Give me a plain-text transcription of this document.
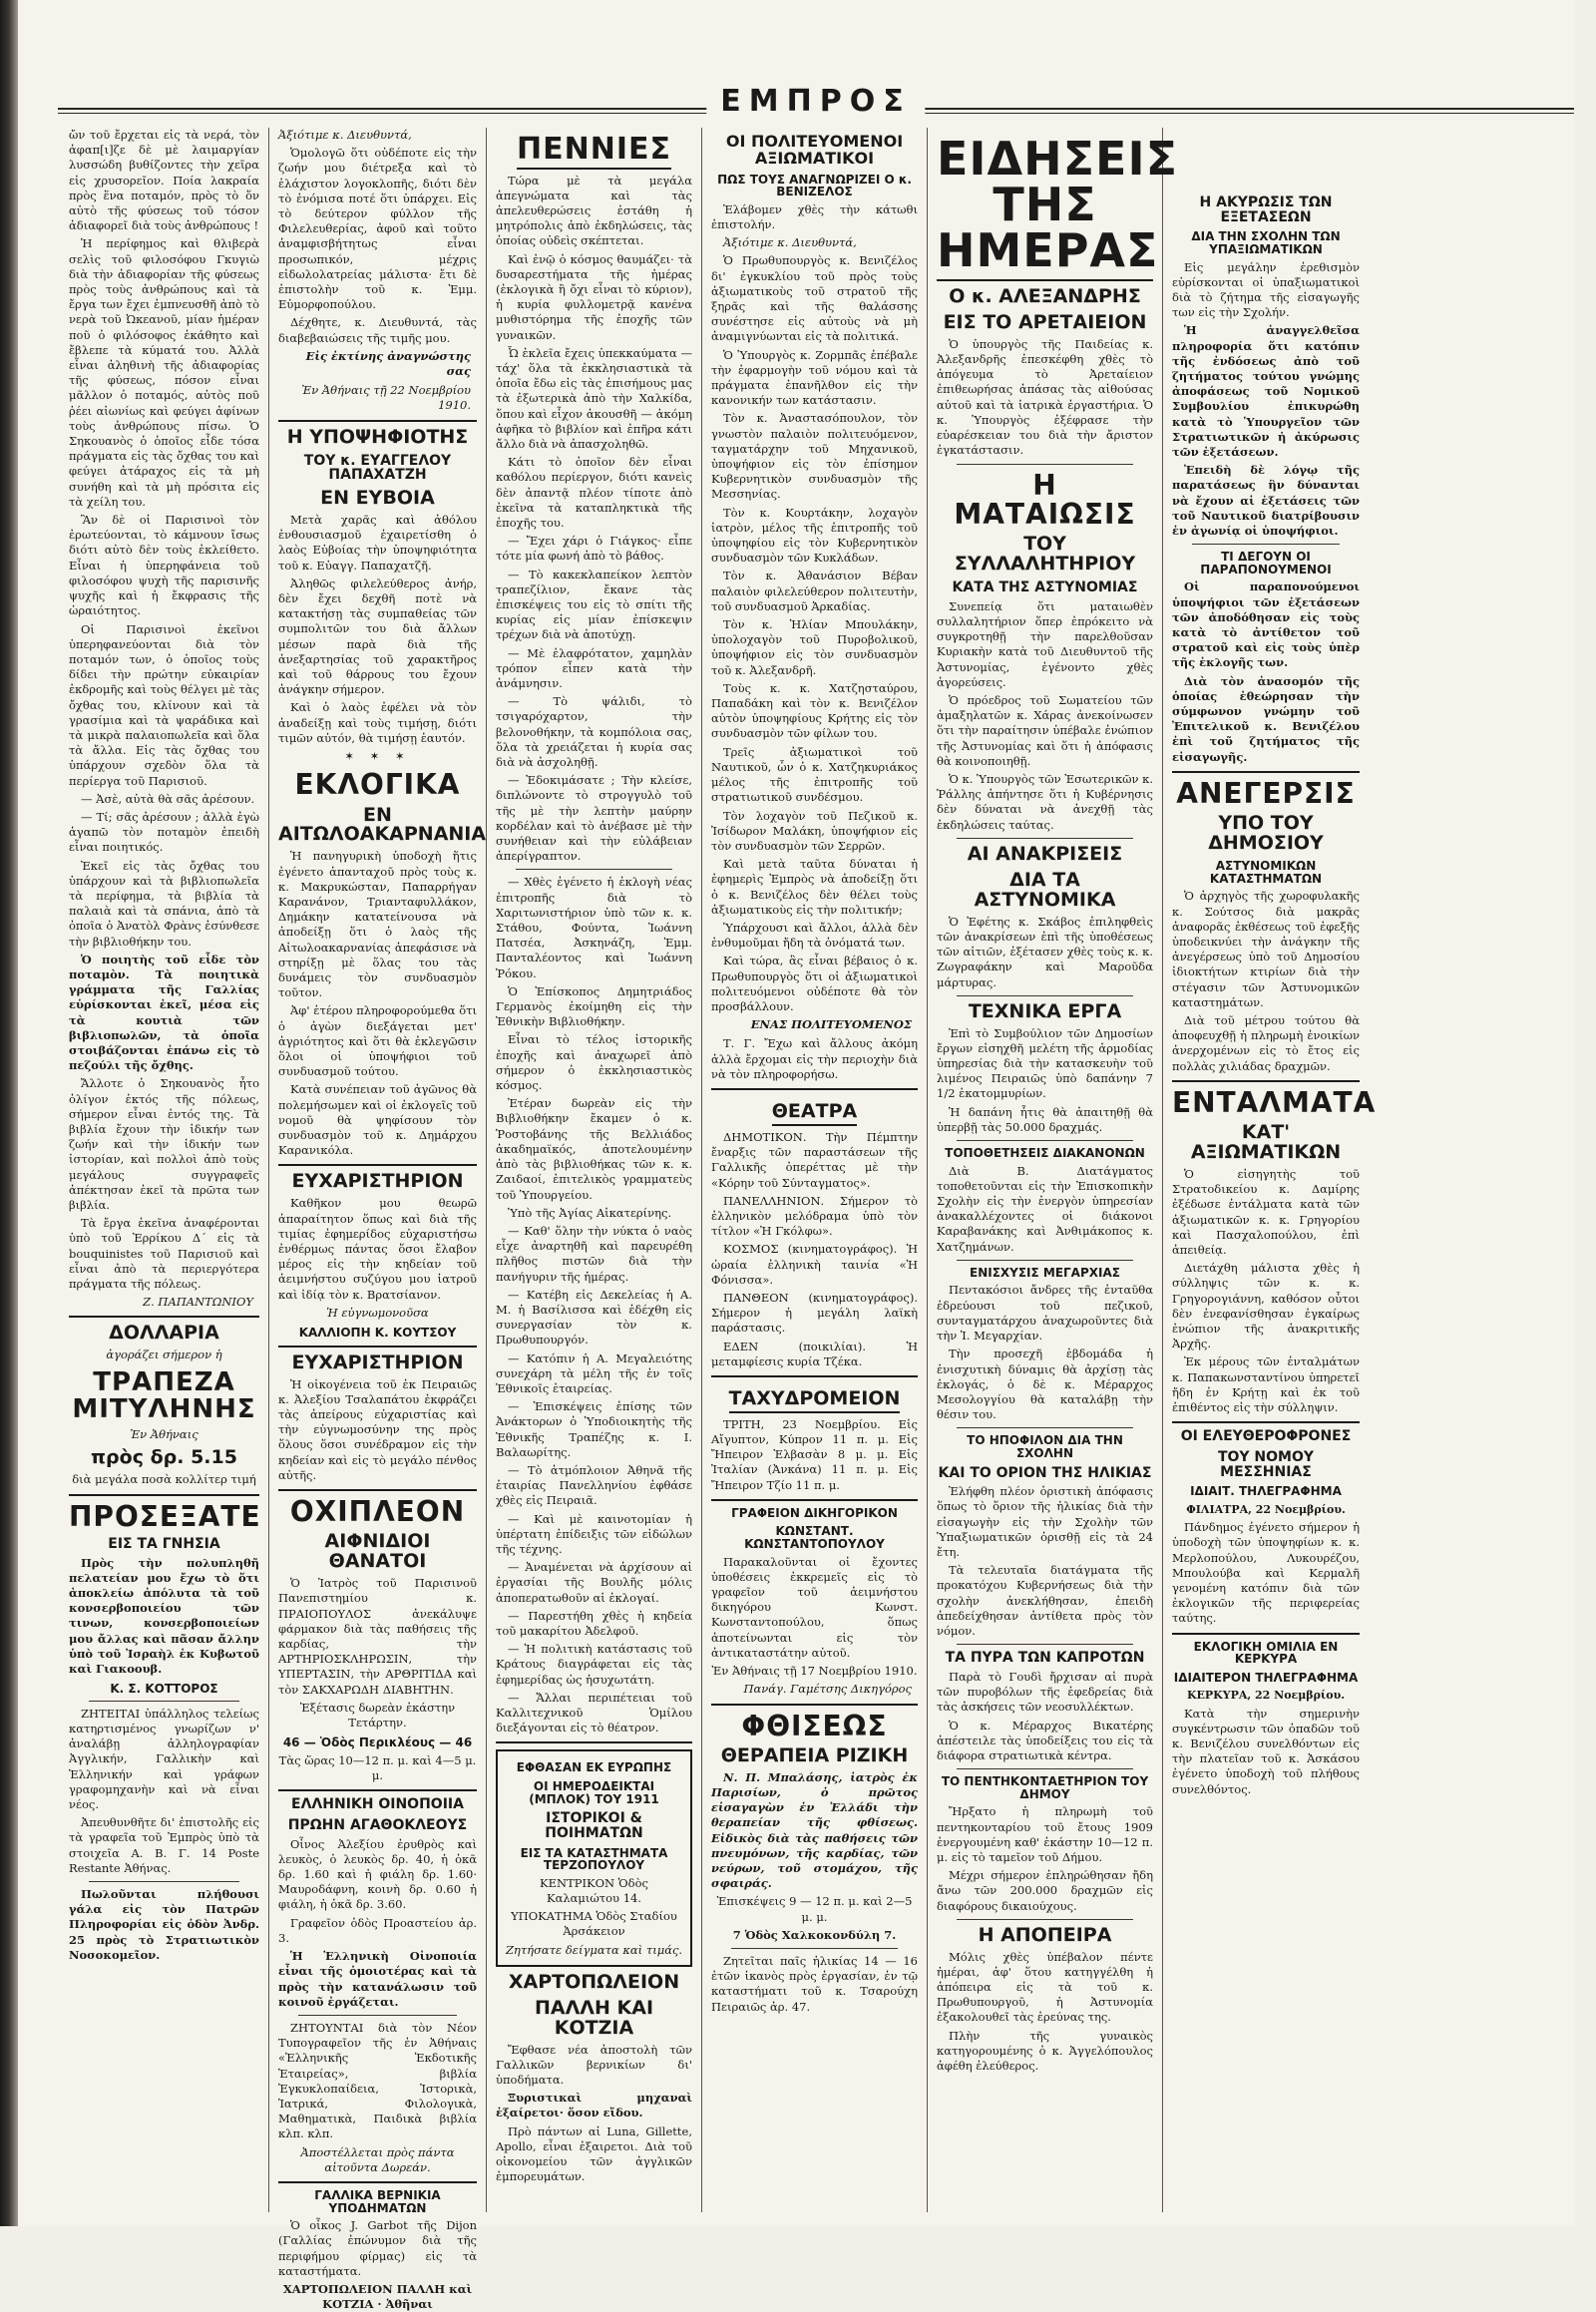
ΕΜΠΡΟΣ

ὤν τοῦ ἔρχεται εἰς τὰ νερά, τὸν ἀφαπ[ι]ζε δὲ μὲ λαιμαργίαν λυσσώδη βυθίζοντες τὴν χεῖρα εἰς χρυσορεῖον. Ποία λακραία πρὸς ἕνα ποταμόν, πρὸς τὸ ὅν αὐτὸ τῆς φύσεως τοῦ τόσον ἀδιαφορεῖ διὰ τοὺς ἀνθρώπους !

Ἡ περίφημος καὶ θλιβερὰ σελὶς τοῦ φιλοσόφου Γκυγιὼ διὰ τὴν ἀδιαφορίαν τῆς φύσεως πρὸς τοὺς ἀνθρώπους καὶ τὰ ἔργα των ἔχει ἐμπνευσθῆ ἀπὸ τὸ νερὰ τοῦ Ὠκεανοῦ, μίαν ἡμέραν ποῦ ὁ φιλόσοφος ἐκάθητο καὶ ἔβλεπε τὰ κύματά του. Ἀλλὰ εἶναι ἀληθινὴ τῆς ἀδιαφορίας τῆς φύσεως, πόσον εἶναι μᾶλλον ὁ ποταμός, αὐτὸς ποῦ ῥέει αἰωνίως καὶ φεύγει ἀφίνων τοὺς ἀνθρώπους πίσω. Ὁ Σηκουανὸς ὁ ὁποῖος εἶδε τόσα πράγματα εἰς τὰς ὄχθας του καὶ φεύγει ἀτάραχος εἰς τὰ μὴ συνήθη καὶ τὰ μὴ πρόσιτα εἰς τὰ χείλη του.

Ἂν δὲ οἱ Παρισινοὶ τὸν ἐρωτεύονται, τὸ κάμνουν ἴσως διότι αὐτὸ δὲν τοὺς ἐκλείθετο. Εἶναι ἡ ὑπερηφάνεια τοῦ φιλοσόφου ψυχὴ τῆς παρισινῆς ψυχῆς καὶ ἡ ἔκφρασις τῆς ὡραιότητος.

Οἱ Παρισινοὶ ἐκεῖνοι ὑπερηφανεύονται διὰ τὸν ποταμόν των, ὁ ὁποῖος τοὺς δίδει τὴν πρώτην εὐκαιρίαν ἐκδρομῆς καὶ τοὺς θέλγει μὲ τὰς ὄχθας του, κλίνουν καὶ τὰ γρασίμια καὶ τὰ ψαράδικα καὶ τὰ μικρὰ παλαιοπωλεῖα καὶ ὅλα τὰ ἄλλα. Εἰς τὰς ὄχθας του ὑπάρχουν σχεδὸν ὅλα τὰ περίεργα τοῦ Παρισιοῦ.

— Ἀσὲ, αὐτὰ θὰ σᾶς ἀρέσουν.

— Τί; σᾶς ἀρέσουν ; ἀλλὰ ἐγὼ ἀγαπῶ τὸν ποταμὸν ἐπειδὴ εἶναι ποιητικός.

Ἐκεῖ εἰς τὰς ὄχθας του ὑπάρχουν καὶ τὰ βιβλιοπωλεῖα τὰ περίφημα, τὰ βιβλία τὰ παλαιὰ καὶ τὰ σπάνια, ἀπὸ τὰ ὁποῖα ὁ Ἀνατὸλ Φρὰνς ἐσύνθεσε τὴν βιβλιοθήκην του.

Ὁ ποιητὴς τοῦ εἶδε τὸν ποταμὸν. Τὰ ποιητικὰ γράμματα τῆς Γαλλίας εὑρίσκονται ἐκεῖ, μέσα εἰς τὰ κουτιὰ τῶν βιβλιοπωλῶν, τὰ ὁποῖα στοιβάζονται ἐπάνω εἰς τὸ πεζούλι τῆς ὄχθης.

Ἄλλοτε ὁ Σηκουανὸς ἦτο ὀλίγον ἐκτός τῆς πόλεως, σήμερον εἶναι ἐντός της. Τὰ βιβλία ἔχουν τὴν ἰδικήν των ζωήν καὶ τὴν ἰδικήν των ἱστορίαν, καὶ πολλοὶ ἀπὸ τοὺς μεγάλους συγγραφεῖς ἀπέκτησαν ἐκεῖ τὰ πρῶτα των βιβλία.

Τὰ ἔργα ἐκεῖνα ἀναφέρονται ὑπὸ τοῦ Ἐρρίκου Δ΄ εἰς τὰ bouquinistes τοῦ Παρισιοῦ καὶ εἶναι ἀπὸ τὰ περιεργότερα πράγματα τῆς πόλεως.

Ζ. ΠΑΠΑΝΤΩΝΙΟΥ

ΔΟΛΛΑΡΙΑ

ἀγοράζει σήμερον ἡ

ΤΡΑΠΕΖΑ ΜΙΤΥΛΗΝΗΣ

Ἐν Ἀθήναις

πρὸς δρ. 5.15

διὰ μεγάλα ποσὰ κολλίτερ τιμή

ΠΡΟΣΕΞΑΤΕ
ΕΙΣ ΤΑ ΓΝΗΣΙΑ

Πρὸς τὴν πολυπληθῆ πελατείαν μου ἔχω τὸ ὅτι ἀποκλείω ἀπόλυτα τὰ τοῦ κονσερβοποιείου τῶν τινων, κονσερβοποιείων μου ἄλλας καὶ πᾶσαν ἄλλην ὑπὸ τοῦ Ἰσραὴλ ἐκ Κυβωτοῦ καὶ Γιακοουβ.

Κ. Σ. ΚΟΤΤΟΡΟΣ

ΖΗΤΕΙΤΑΙ ὑπάλληλος τελείως κατηρτισμένος γνωρίζων ν' ἀναλάβῃ ἀλληλογραφίαν Ἀγγλικήν, Γαλλικὴν καὶ Ἑλληνικήν καὶ γράφων γραφομηχανὴν καὶ νὰ εἶναι νέος.

Ἀπευθυνθῆτε δι' ἐπιστολῆς εἰς τὰ γραφεῖα τοῦ Ἐμπρὸς ὑπὸ τὰ στοιχεῖα Α. Β. Γ. 14 Poste Restante Ἀθήνας.

Πωλοῦνται πλήθουσι γάλα εἰς τὸν Πατρῶν Πληροφορίαι εἰς ὁδὸν Ἀνδρ. 25 πρὸς τὸ Στρατιωτικὸν Νοσοκομεῖον.

Ἀξιότιμε κ. Διευθυντά,

Ὁμολογῶ ὅτι οὐδέποτε εἰς τὴν ζωήν μου διέτρεξα καὶ τὸ ἐλάχιστον λογοκλοπῆς, διότι δὲν τὸ ἐνόμισα ποτέ ὅτι ὑπάρχει. Εἰς τὸ δεύτερον φύλλον τῆς Φιλελευθερίας, ἀφοῦ καὶ τοῦτο ἀναμφισβήτητως εἶναι προσωπικόν, μέχρις εἰδωλολατρείας μάλιστα· ἔτι δὲ ἐπιστολὴν τοῦ κ. Ἐμμ. Εὐμορφοπούλου.

Δέχθητε, κ. Διευθυντά, τὰς διαβεβαιώσεις τῆς τιμῆς μου.

Εἰς ἐκτίνης ἀναγνώστης σας

Ἐν Ἀθήναις τῇ 22 Νοεμβρίου 1910.

Η ΥΠΟΨΗΦΙΟΤΗΣ
ΤΟΥ κ. ΕΥΑΓΓΕΛΟΥ ΠΑΠΑΧΑΤΖΗ
ΕΝ ΕΥΒΟΙΑ

Μετὰ χαρᾶς καὶ ἀθόλου ἐνθουσιασμοῦ ἐχαιρετίσθη ὁ λαὸς Εὐβοίας τὴν ὑποψηφιότητα τοῦ κ. Εὐαγγ. Παπαχατζῆ.

Ἀληθῶς φιλελεύθερος ἀνήρ, δὲν ἔχει δεχθῆ ποτὲ νὰ κατακτήσῃ τὰς συμπαθείας τῶν συμπολιτῶν του διὰ ἄλλων μέσων παρὰ διὰ τῆς ἀνεξαρτησίας τοῦ χαρακτῆρος καὶ τοῦ θάρρους του ἔχουν ἀνάγκην σήμερον.

Καὶ ὁ λαὸς ἐφέλει νὰ τὸν ἀναδείξῃ καὶ τοὺς τιμήσῃ, διότι τιμῶν αὐτόν, θὰ τιμήσῃ ἑαυτόν.

✶ ✶ ✶

ΕΚΛΟΓΙΚΑ
ΕΝ ΑΙΤΩΛΟΑΚΑΡΝΑΝΙΑ

Ἡ πανηγυρικὴ ὑποδοχὴ ἥτις ἐγένετο ἀπανταχοῦ πρὸς τοὺς κ. κ. Μακρυκώσταν, Παπαρρήγαν Καρανάνον, Τριανταφυλλάκον, Δημάκην κατατείνουσα νὰ ἀποδείξῃ ὅτι ὁ λαὸς τῆς Αἰτωλοακαρνανίας ἀπεφάσισε νὰ στηρίξῃ μὲ ὅλας του τὰς δυνάμεις τὸν συνδυασμὸν τοῦτον.

Ἀφ' ἑτέρου πληροφορούμεθα ὅτι ὁ ἀγὼν διεξάγεται μετ' ἀγριότητος καὶ ὅτι θὰ ἐκλεγῶσιν ὅλοι οἱ ὑποψήφιοι τοῦ συνδυασμοῦ τούτου.

Κατὰ συνέπειαν τοῦ ἀγῶνος θὰ πολεμήσωμεν καὶ οἱ ἐκλογεῖς τοῦ νομοῦ θὰ ψηφίσουν τὸν συνδυασμὸν τοῦ κ. Δημάρχου Καρανικόλα.

ΕΥΧΑΡΙΣΤΗΡΙΟΝ

Καθῆκον μου θεωρῶ ἀπαραίτητον ὅπως καὶ διὰ τῆς τιμίας ἐφημερίδος εὐχαριστήσω ἐνθέρμως πάντας ὅσοι ἔλαβον μέρος εἰς τὴν κηδείαν τοῦ ἀειμνήστου συζύγου μου ἰατροῦ καὶ ἰδίᾳ τὸν κ. Βρατσίανον.

Ἡ εὐγνωμονοῦσα

ΚΑΛΛΙΟΠΗ Κ. ΚΟΥΤΣΟΥ
ΕΥΧΑΡΙΣΤΗΡΙΟΝ

Ἡ οἰκογένεια τοῦ ἐκ Πειραιῶς κ. Ἀλεξίου Τσαλαπάτου ἐκφράζει τὰς ἀπείρους εὐχαριστίας καὶ τὴν εὐγνωμοσύνην της πρὸς ὅλους ὅσοι συνέδραμον εἰς τὴν κηδείαν καὶ εἰς τὸ μεγάλο πένθος αὐτῆς.

ΟΧΙΠΛΕΟΝ
ΑΙΦΝΙΔΙΟΙ ΘΑΝΑΤΟΙ

Ὁ Ἰατρὸς τοῦ Παρισινοῦ Πανεπιστημίου κ. ΠΡΑΙΟΠΟΥΛΟΣ ἀνεκάλυψε φάρμακον διὰ τὰς παθήσεις τῆς καρδίας, τὴν ΑΡΤΗΡΙΟΣΚΛΗΡΩΣΙΝ, τὴν ΥΠΕΡΤΑΣΙΝ, τὴν ΑΡΘΡΙΤΙΔΑ καὶ τὸν ΣΑΚΧΑΡΩΔΗ ΔΙΑΒΗΤΗΝ.

Ἐξέτασις δωρεὰν ἐκάστην Τετάρτην.

46 — Ὁδὸς Περικλέους — 46

Τὰς ὥρας 10—12 π. μ. καὶ 4—5 μ. μ.

ΕΛΛΗΝΙΚΗ ΟΙΝΟΠΟΙΙΑ
ΠΡΩΗΝ ΑΓΑΘΟΚΛΕΟΥΣ

Οἶνος Ἀλεξίου ἐρυθρὸς καὶ λευκὸς, ὁ λευκὸς δρ. 40, ἡ ὀκᾶ δρ. 1.60 καὶ ἡ φιάλη δρ. 1.60· Μαυροδάφνη, κοινὴ δρ. 0.60 ἡ φιάλη, ἡ ὀκᾶ δρ. 3.60.

Γραφεῖον ὁδὸς Προαστείου ἀρ. 3.

Ἡ Ἑλληνικὴ Οἰνοποιία εἶναι τῆς ὁμοιοτέρας καὶ τὰ πρὸς τὴν κατανάλωσιν τοῦ κοινοῦ ἐργάζεται.

ΖΗΤΟΥΝΤΑΙ διὰ τὸν Νέον Τυπογραφεῖον τῆς ἐν Ἀθήναις «Ἑλληνικῆς Ἐκδοτικῆς Ἑταιρείας», βιβλία Ἐγκυκλοπαίδεια, Ἱστορικὰ, Ἰατρικά, Φιλολογικὰ, Μαθηματικὰ, Παιδικὰ βιβλία κλπ. κλπ.

Ἀποστέλλεται πρὸς πάντα αἰτοῦντα Δωρεάν.

ΓΑΛΛΙΚΑ ΒΕΡΝΙΚΙΑ ΥΠΟΔΗΜΑΤΩΝ

Ὁ οἶκος J. Garbot τῆς Dijon (Γαλλίας ἐπώνυμον διὰ τῆς περιφήμου φίρμας) εἰς τὰ καταστήματα.

ΧΑΡΤΟΠΩΛΕΙΟΝ ΠΑΛΛΗ καὶ ΚΟΤΖΙΑ · Ἀθῆναι

ΠΕΝΝΙΕΣ

Τώρα μὲ τὰ μεγάλα ἀπεγνώματα καὶ τὰς ἀπελευθερώσεις ἐστάθη ἡ μητρόπολις ἀπὸ ἐκδηλώσεις, τὰς ὁποίας οὐδεὶς σκέπτεται.

Καὶ ἐνῷ ὁ κόσμος θαυμάζει· τὰ δυσαρεστήματα τῆς ἡμέρας (ἐκλογικὰ ἢ ὄχι εἶναι τὸ κύριον), ἡ κυρία φυλλομετρᾷ κανένα μυθιστόρημα τῆς ἐποχῆς τῶν γυναικῶν.

Ὦ ἐκλεῖα ἔχεις ὑπεκκαύματα — τάχ' ὅλα τὰ ἐκκλησιαστικὰ τὰ ὁποῖα ἔδω εἰς τὰς ἐπισήμους μας τὰ ἐξωτερικὰ ἀπὸ τὴν Χαλκίδα, ὅπου καὶ εἶχον ἀκουσθῆ — ἀκόμη ἀφῆκα τὸ βιβλίον καὶ ἐπῆρα κάτι ἄλλο διὰ νὰ ἀπασχοληθῶ.

Κάτι τὸ ὁποῖον δὲν εἶναι καθόλου περίεργον, διότι κανεὶς δὲν ἀπαντᾷ πλέον τίποτε ἀπὸ ἐκεῖνα τὰ καταπληκτικὰ τῆς ἐποχῆς του.

— Ἔχει χάρι ὁ Γιάγκος· εἶπε τότε μία φωνή ἀπὸ τὸ βάθος.

— Τὸ κακεκλαπείκον λεπτὸν τραπεζίλιον, ἔκανε τὰς ἐπισκέψεις του εἰς τὸ σπίτι τῆς κυρίας εἰς μίαν ἐπίσκεψιν τρέχων διὰ νὰ ἀποτύχῃ.

— Μὲ ἐλαφρότατον, χαμηλὰν τρόπον εἶπεν κατὰ τὴν ἀνάμνησιν.

— Τὸ ψάλιδι, τὸ τσιγαρόχαρτον, τὴν βελονοθήκην, τὰ κομπόλοια σας, ὅλα τὰ χρειάζεται ἡ κυρία σας διὰ νὰ ἀσχοληθῇ.

— Ἐδοκιμάσατε ; Τὴν κλείσε, διπλώνοντε τὸ στρογγυλὸ τοῦ τῆς μὲ τὴν λεπτὴν μαύρην κορδέλαν καὶ τὸ ἀνέβασε μὲ τὴν συνήθειαν καὶ τὴν εὐλάβειαν ἀπερίγραπτον.

— Χθὲς ἐγένετο ἡ ἐκλογὴ νέας ἐπιτροπῆς διὰ τὸ Χαριτωνιστήριον ὑπὸ τῶν κ. κ. Στάθου, Φούντα, Ἰωάννη Πατσέα, Ἀσκηνάζη, Ἐμμ. Πανταλέοντος καὶ Ἰωάννη Ῥόκου.

Ὁ Ἐπίσκοπος Δημητριάδος Γερμανὸς ἐκοίμηθη εἰς τὴν Ἐθνικὴν Βιβλιοθήκην.

Εἶναι τὸ τέλος ἱστορικῆς ἐποχῆς καὶ ἀναχωρεῖ ἀπὸ σήμερον ὁ ἐκκλησιαστικὸς κόσμος.

Ἐτέραν δωρεὰν εἰς τὴν Βιβλιοθήκην ἔκαμεν ὁ κ. Ῥοστοβάνης τῆς Βελλιάδος ἀκαδημαϊκός, ἀποτελουμένην ἀπὸ τὰς βιβλιοθήκας τῶν κ. κ. Ζαιδαοί, ἐπιτελικὸς γραμματεὺς τοῦ Ὑπουργείου.

Ὑπὸ τῆς Ἀγίας Αἰκατερίνης.

— Καθ' ὅλην τὴν νύκτα ὁ ναὸς εἶχε ἀναρτηθῆ καὶ παρευρέθη πλῆθος πιστῶν διὰ τὴν πανήγυριν τῆς ἡμέρας.

— Κατέβη εἰς Δεκελείας ἡ Α. Μ. ἡ Βασίλισσα καὶ ἐδέχθη εἰς συνεργασίαν τὸν κ. Πρωθυπουργόν.

— Κατόπιν ἡ Α. Μεγαλειότης συνεχάρη τὰ μέλη τῆς ἐν τοῖς Ἐθνικοῖς ἑταιρείας.

— Ἐπισκέψεις ἐπίσης τῶν Ἀνάκτορων ὁ Ὑποδιοικητὴς τῆς Ἐθνικῆς Τραπέζης κ. Ι. Βαλαωρίτης.

— Τὸ ἀτμόπλοιον Ἀθηνᾶ τῆς ἑταιρίας Πανελληνίου ἐφθάσε χθὲς εἰς Πειραιᾶ.

— Καὶ μὲ καινοτομίαν ἡ ὑπέρτατη ἐπίδειξις τῶν εἰδώλων τῆς τέχνης.

— Ἀναμένεται νὰ ἀρχίσουν αἱ ἐργασίαι τῆς Βουλῆς μόλις ἀποπερατωθοῦν αἱ ἐκλογαί.

— Παρεστήθη χθὲς ἡ κηδεία τοῦ μακαρίτου Ἀδελφοῦ.

— Ἡ πολιτικὴ κατάστασις τοῦ Κράτους διαγράφεται εἰς τὰς ἐφημερίδας ὡς ἡσυχωτάτη.

— Ἄλλαι περιπέτειαι τοῦ Καλλιτεχνικοῦ Ὁμίλου διεξάγονται εἰς τὸ θέατρον.

ΕΦΘΑΣΑΝ ΕΚ ΕΥΡΩΠΗΣ
ΟΙ ΗΜΕΡΟΔΕΙΚΤΑΙ (ΜΠΛΟΚ) ΤΟΥ 1911
ΙΣΤΟΡΙΚΟΙ & ΠΟΙΗΜΑΤΩΝ
ΕΙΣ ΤΑ ΚΑΤΑΣΤΗΜΑΤΑ ΤΕΡΖΟΠΟΥΛΟΥ

ΚΕΝΤΡΙΚΟΝ Ὁδὸς Καλαμιώτου 14.

ΥΠΟΚΑΤΗΜΑ Ὁδὸς Σταδίου Ἀρσάκειον

Ζητήσατε δείγματα καὶ τιμάς.

ΧΑΡΤΟΠΩΛΕΙΟΝ
ΠΑΛΛΗ ΚΑΙ ΚΟΤΖΙΑ

Ἔφθασε νέα ἀποστολὴ τῶν Γαλλικῶν βερνικίων δι' ὑποδήματα.

Ξυριστικαὶ μηχαναὶ ἐξαίρετοι· ὅσον εἴδου.

Πρὸ πάντων αἱ Luna, Gillette, Apollo, εἶναι ἐξαιρετοι. Διὰ τοῦ οἰκονομείου τῶν ἀγγλικῶν ἐμπορευμάτων.

ΟΙ ΠΟΛΙΤΕΥΟΜΕΝΟΙ ΑΞΙΩΜΑΤΙΚΟΙ
ΠΩΣ ΤΟΥΣ ΑΝΑΓΝΩΡΙΖΕΙ Ο κ. ΒΕΝΙΖΕΛΟΣ

Ἐλάβομεν χθὲς τὴν κάτωθι ἐπιστολήν.

Ἀξιότιμε κ. Διευθυντά,

Ὁ Πρωθυπουργὸς κ. Βενιζέλος δι' ἐγκυκλίου τοῦ πρὸς τοὺς ἀξιωματικοὺς τοῦ στρατοῦ τῆς ξηρᾶς καὶ τῆς θαλάσσης συνέστησε εἰς αὐτοὺς νὰ μὴ ἀναμιγνύωνται εἰς τὰ πολιτικά.

Ὁ Ὑπουργὸς κ. Ζορμπᾶς ἐπέβαλε τὴν ἐφαρμογὴν τοῦ νόμου καὶ τὰ πράγματα ἐπανῆλθον εἰς τὴν κανονικήν των κατάστασιν.

Τὸν κ. Ἀναστασόπουλον, τὸν γνωστὸν παλαιὸν πολιτευόμενον, ταγματάρχην τοῦ Μηχανικοῦ, ὑποψήφιον εἰς τὸν ἐπίσημον Κυβερνητικὸν συνδυασμὸν τῆς Μεσσηνίας.

Τὸν κ. Κουρτάκην, λοχαγὸν ἰατρὸν, μέλος τῆς ἐπιτροπῆς τοῦ ὑποψηφίου εἰς τὸν Κυβερνητικὸν συνδυασμὸν τῶν Κυκλάδων.

Τὸν κ. Ἀθανάσιον Βέβαν παλαιὸν φιλελεύθερον πολιτευτὴν, τοῦ συνδυασμοῦ Ἀρκαδίας.

Τὸν κ. Ἠλίαν Μπουλάκην, ὑπολοχαγὸν τοῦ Πυροβολικοῦ, ὑποψήφιον εἰς τὸν συνδυασμὸν τοῦ κ. Ἀλεξανδρῆ.

Τοὺς κ. κ. Χατζησταύρου, Παπαδάκη καὶ τὸν κ. Βενιζέλον αὐτὸν ὑποψηφίους Κρήτης εἰς τὸν συνδυασμὸν τῶν φίλων του.

Τρεῖς ἀξιωματικοὶ τοῦ Ναυτικοῦ, ὧν ὁ κ. Χατζηκυριάκος μέλος τῆς ἐπιτροπῆς τοῦ στρατιωτικοῦ συνδέσμου.

Τὸν λοχαγὸν τοῦ Πεζικοῦ κ. Ἰσίδωρον Μαλάκη, ὑποψήφιον εἰς τὸν συνδυασμὸν τῶν Σερρῶν.

Καὶ μετὰ ταῦτα δύναται ἡ ἐφημερὶς Ἐμπρὸς νὰ ἀποδείξῃ ὅτι ὁ κ. Βενιζέλος δὲν θέλει τοὺς ἀξιωματικοὺς εἰς τὴν πολιτικήν;

Ὑπάρχουσι καὶ ἄλλοι, ἀλλὰ δὲν ἐνθυμοῦμαι ἤδη τὰ ὀνόματά των.

Καὶ τώρα, ἂς εἶναι βέβαιος ὁ κ. Πρωθυπουργὸς ὅτι οἱ ἀξιωματικοὶ πολιτευόμενοι οὐδέποτε θὰ τὸν προσβάλλουν.

ΕΝΑΣ ΠΟΛΙΤΕΥΟΜΕΝΟΣ

Τ. Γ. Ἔχω καὶ ἄλλους ἀκόμη ἀλλὰ ἔρχομαι εἰς τὴν περιοχὴν διὰ νὰ τὸν πληροφορήσω.

ΘΕΑΤΡΑ

ΔΗΜΟΤΙΚΟΝ. Τὴν Πέμπτην ἔναρξις τῶν παραστάσεων τῆς Γαλλικῆς ὀπερέττας μὲ τὴν «Κόρην τοῦ Σύνταγματος».

ΠΑΝΕΛΛΗΝΙΟΝ. Σήμερον τὸ ἐλληνικὸν μελόδραμα ὑπὸ τὸν τίτλον «Ἡ Γκόλφω».

ΚΟΣΜΟΣ (κινηματογράφος). Ἡ ὡραία ἑλληνικὴ ταινία «Ἡ Φόνισσα».

ΠΑΝΘΕΟΝ (κινηματογράφος). Σήμερον ἡ μεγάλη λαϊκὴ παράστασις.

ΕΔΕΝ (ποικιλίαι). Ἡ μεταμφίεσις κυρία Τζέκα.

ΤΑΧΥΔΡΟΜΕΙΟΝ

ΤΡΙΤΗ, 23 Νοεμβρίου. Εἰς Αἴγυπτον, Κύπρον 11 π. μ. Εἰς Ἤπειρον Ἐλβασὰν 8 μ. μ. Εἰς Ἰταλίαν (Ἀνκάνα) 11 π. μ. Εἰς Ἤπειρον Τζίο 11 π. μ.

ΓΡΑΦΕΙΟΝ ΔΙΚΗΓΟΡΙΚΟΝ
ΚΩΝΣΤΑΝΤ. ΚΩΝΣΤΑΝΤΟΠΟΥΛΟΥ

Παρακαλοῦνται οἱ ἔχοντες ὑποθέσεις ἐκκρεμεῖς εἰς τὸ γραφεῖον τοῦ ἀειμνήστου δικηγόρου Κωνστ. Κωνσταντοπούλου, ὅπως ἀποτείνωνται εἰς τὸν ἀντικαταστάτην αὐτοῦ.

Ἐν Ἀθήναις τῇ 17 Νοεμβρίου 1910.

Πανάγ. Γαμέτσης Δικηγόρος

ΦΘΙΣΕΩΣ
ΘΕΡΑΠΕΙΑ ΡΙΖΙΚΗ

Ν. Π. Μπαλάσης, ἰατρὸς ἐκ Παρισίων, ὁ πρῶτος εἰσαγαγὼν ἐν Ἑλλάδι τὴν θεραπείαν τῆς φθίσεως. Εἰδικὸς διὰ τὰς παθήσεις τῶν πνευμόνων, τῆς καρδίας, τῶν νεύρων, τοῦ στομάχου, τῆς σφαιράς.

Ἐπισκέψεις 9 — 12 π. μ. καὶ 2—5 μ. μ.

7 Ὁδὸς Χαλκοκονδύλη 7.

Ζητεῖται παῖς ἡλικίας 14 — 16 ἐτῶν ἱκανὸς πρὸς ἐργασίαν, ἐν τῷ καταστήματι τοῦ κ. Τσαρούχη Πειραιῶς ἀρ. 47.

ΕΙΔΗΣΕΙΣ ΤΗΣ ΗΜΕΡΑΣ
Ο κ. ΑΛΕΞΑΝΔΡΗΣ
ΕΙΣ ΤΟ ΑΡΕΤΑΙΕΙΟΝ

Ὁ ὑπουργὸς τῆς Παιδείας κ. Ἀλεξανδρῆς ἐπεσκέφθη χθὲς τὸ ἀπόγευμα τὸ Ἀρεταίειον ἐπιθεωρήσας ἁπάσας τὰς αἰθούσας αὐτοῦ καὶ τὰ ἰατρικὰ ἐργαστήρια. Ὁ κ. Ὑπουργὸς ἐξέφρασε τὴν εὐαρέσκειαν του διὰ τὴν ἄριστον ἐγκατάστασιν.

Η ΜΑΤΑΙΩΣΙΣ
ΤΟΥ ΣΥΛΛΑΛΗΤΗΡΙΟΥ
ΚΑΤΑ ΤΗΣ ΑΣΤΥΝΟΜΙΑΣ

Συνεπείᾳ ὅτι ματαιωθὲν συλλαλητήριον ὅπερ ἐπρόκειτο νὰ συγκροτηθῇ τὴν παρελθοῦσαν Κυριακὴν κατὰ τοῦ Διευθυντοῦ τῆς Ἀστυνομίας, ἐγένοντο χθὲς ἀγορεύσεις.

Ὁ πρόεδρος τοῦ Σωματείου τῶν ἀμαξηλατῶν κ. Χάρας ἀνεκοίνωσεν ὅτι τὴν παραίτησιν ὑπέβαλε ἐνώπιον τῆς Ἀστυνομίας καὶ ὅτι ἡ ἀπόφασις θὰ κοινοποιηθῇ.

Ὁ κ. Ὑπουργὸς τῶν Ἐσωτερικῶν κ. Ῥάλλης ἀπήντησε ὅτι ἡ Κυβέρνησις δὲν δύναται νὰ ἀνεχθῇ τὰς ἐκδηλώσεις ταύτας.

ΑΙ ΑΝΑΚΡΙΣΕΙΣ
ΔΙΑ ΤΑ ΑΣΤΥΝΟΜΙΚΑ

Ὁ Ἐφέτης κ. Σκάβος ἐπιληφθεὶς τῶν ἀνακρίσεων ἐπὶ τῆς ὑποθέσεως τῶν αἰτιῶν, ἐξέτασεν χθὲς τοὺς κ. κ. Ζωγραφάκην καὶ Μαροῦδα μάρτυρας.

ΤΕΧΝΙΚΑ ΕΡΓΑ

Ἐπὶ τὸ Συμβούλιον τῶν Δημοσίων ἔργων εἰσηχθῆ μελέτη τῆς ἁρμοδίας ὑπηρεσίας διὰ τὴν κατασκευὴν τοῦ λιμένος Πειραιῶς ὑπὸ δαπάνην 7 1/2 ἑκατομμυρίων.

Ἡ δαπάνη ἧτις θὰ ἀπαιτηθῇ θὰ ὑπερβῇ τὰς 50.000 δραχμάς.

ΤΟΠΟΘΕΤΗΣΕΙΣ ΔΙΑΚΑΝΟΝΩΝ

Διὰ Β. Διατάγματος τοποθετοῦνται εἰς τὴν Ἐπισκοπικὴν Σχολὴν εἰς τὴν ἐνεργὸν ὑπηρεσίαν ἀνακαλλέχοντες οἱ διάκονοι Καραβανάκης καὶ Ἀνθιμάκοπος κ. Χατζημάνων.

ΕΝΙΣΧΥΣΙΣ ΜΕΓΑΡΧΙΑΣ

Πεντακόσιοι ἄνδρες τῆς ἐνταῦθα ἐδρεύουσι τοῦ πεζικοῦ, συνταγματάρχου ἀναχωροῦντες διὰ τὴν Ἱ. Μεγαρχίαν.

Τὴν προσεχῆ ἑβδομάδα ἡ ἐνισχυτικὴ δύναμις θὰ ἀρχίσῃ τὰς ἐκλογάς, ὁ δὲ κ. Μέραρχος Μεσολογγίου θὰ καταλάβῃ τὴν θέσιν του.

ΤΟ ΗΠΟΦΙΛΟΝ ΔΙΑ ΤΗΝ ΣΧΟΛΗΝ
ΚΑΙ ΤΟ ΟΡΙΟΝ ΤΗΣ ΗΛΙΚΙΑΣ

Ἐλήφθη πλέον ὁριστικὴ ἀπόφασις ὅπως τὸ ὅριον τῆς ἡλικίας διὰ τὴν εἰσαγωγὴν εἰς τὴν Σχολὴν τῶν Ὑπαξιωματικῶν ὁρισθῇ εἰς τὰ 24 ἔτη.

Τὰ τελευταῖα διατάγματα τῆς προκατόχου Κυβερνήσεως διὰ τὴν σχολὴν ἀνεκλήθησαν, ἐπειδὴ ἀπεδείχθησαν ἀντίθετα πρὸς τὸν νόμον.

ΤΑ ΠΥΡΑ ΤΩΝ ΚΑΠΡΟΤΩΝ

Παρὰ τὸ Γουδὶ ἤρχισαν αἱ πυρὰ τῶν πυροβόλων τῆς ἐφεδρείας διὰ τὰς ἀσκήσεις τῶν νεοσυλλέκτων.

Ὁ κ. Μέραρχος Βικατέρης ἀπέστειλε τὰς ὑποδείξεις του εἰς τὰ διάφορα στρατιωτικὰ κέντρα.

ΤΟ ΠΕΝΤΗΚΟΝΤΑΕΤΗΡΙΟΝ ΤΟΥ ΔΗΜΟΥ

Ἤρξατο ἡ πληρωμὴ τοῦ πεντηκονταρίου τοῦ ἔτους 1909 ἐνεργουμένη καθ' ἑκάστην 10—12 π. μ. εἰς τὸ ταμεῖον τοῦ Δήμου.

Μέχρι σήμερον ἐπληρώθησαν ἤδη ἄνω τῶν 200.000 δραχμῶν εἰς διαφόρους δικαιούχους.

Η ΑΠΟΠΕΙΡΑ

Μόλις χθὲς ὑπέβαλον πέντε ἡμέραι, ἀφ' ὅτου κατηγγέλθη ἡ ἀπόπειρα εἰς τὰ τοῦ κ. Πρωθυπουργοῦ, ἡ Ἀστυνομία ἐξακολουθεῖ τὰς ἐρεύνας της.

Πλὴν τῆς γυναικὸς κατηγορουμένης ὁ κ. Ἀγγελόπουλος ἀφέθη ἐλεύθερος.

Η ΑΚΥΡΩΣΙΣ ΤΩΝ ΕΞΕΤΑΣΕΩΝ
ΔΙΑ ΤΗΝ ΣΧΟΛΗΝ ΤΩΝ ΥΠΑΞΙΩΜΑΤΙΚΩΝ

Εἰς μεγάλην ἐρεθισμὸν εὑρίσκονται οἱ ὑπαξιωματικοὶ διὰ τὸ ζήτημα τῆς εἰσαγωγῆς των εἰς τὴν Σχολήν.

Ἡ ἀναγγελθεῖσα πληροφορία ὅτι κατόπιν τῆς ἐνδόσεως ἀπὸ τοῦ ζητήματος τούτου γνώμης ἀποφάσεως τοῦ Νομικοῦ Συμβουλίου ἐπικυρώθη κατὰ τὸ Ὑπουργεῖον τῶν Στρατιωτικῶν ἡ ἀκύρωσις τῶν ἐξετάσεων.

Ἐπειδὴ δὲ λόγῳ τῆς παρατάσεως ἣν δύνανται νὰ ἔχουν αἱ ἐξετάσεις τῶν τοῦ Ναυτικοῦ διατρίβουσιν ἐν ἀγωνίᾳ οἱ ὑποψήφιοι.

ΤΙ ΔΕΓΟΥΝ ΟΙ ΠΑΡΑΠΟΝΟΥΜΕΝΟΙ

Οἱ παραπονούμενοι ὑποψήφιοι τῶν ἐξετάσεων τῶν ἀποδόθησαν εἰς τοὺς κατὰ τὸ ἀντίθετον τοῦ στρατοῦ καὶ εἰς τοὺς ὑπὲρ τῆς ἐκλογῆς των.

Διὰ τὸν ἀνασομόν τῆς ὁποίας ἐθεώρησαν τὴν σύμφωνον γνώμην τοῦ Ἐπιτελικοῦ κ. Βενιζέλου ἐπὶ τοῦ ζητήματος τῆς εἰσαγωγῆς.

ΑΝΕΓΕΡΣΙΣ
ΥΠΟ ΤΟΥ ΔΗΜΟΣΙΟΥ
ΑΣΤΥΝΟΜΙΚΩΝ ΚΑΤΑΣΤΗΜΑΤΩΝ

Ὁ ἀρχηγὸς τῆς χωροφυλακῆς κ. Σούτσος διὰ μακρᾶς ἀναφορᾶς ἐκθέσεως τοῦ ἐφεξῆς ὑποδεικνύει τὴν ἀνάγκην τῆς ἀνεγέρσεως ὑπὸ τοῦ Δημοσίου ἰδιοκτήτων κτιρίων διὰ τὴν στέγασιν τῶν Ἀστυνομικῶν καταστημάτων.

Διὰ τοῦ μέτρου τούτου θὰ ἀποφευχθῇ ἡ πληρωμὴ ἐνοικίων ἀνερχομένων εἰς τὸ ἔτος εἰς πολλὰς χιλιάδας δραχμῶν.

ΕΝΤΑΛΜΑΤΑ
ΚΑΤ' ΑΞΙΩΜΑΤΙΚΩΝ

Ὁ εἰσηγητὴς τοῦ Στρατοδικείου κ. Δαμίρης ἐξέδωσε ἐντάλματα κατὰ τῶν ἀξιωματικῶν κ. κ. Γρηγορίου καὶ Πασχαλοπούλου, ἐπὶ ἀπειθείᾳ.

Διετάχθη μάλιστα χθὲς ἡ σύλληψις τῶν κ. κ. Γρηγορογιάννη, καθόσον οὗτοι δὲν ἐνεφανίσθησαν ἐγκαίρως ἐνώπιον τῆς ἀνακριτικῆς Ἀρχῆς.

Ἐκ μέρους τῶν ἐνταλμάτων κ. Παπακωνσταντίνου ὑπηρετεῖ ἤδη ἐν Κρήτῃ καὶ ἐκ τοῦ ἐπιθέντος εἰς τὴν σύλληψιν.

ΟΙ ΕΛΕΥΘΕΡΟΦΡΟΝΕΣ
ΤΟΥ ΝΟΜΟΥ ΜΕΣΣΗΝΙΑΣ
ΙΔΙΑΙΤ. ΤΗΛΕΓΡΑΦΗΜΑ

ΦΙΛΙΑΤΡΑ, 22 Νοεμβρίου.

Πάνδημος ἐγένετο σήμερον ἡ ὑποδοχὴ τῶν ὑποψηφίων κ. κ. Μερλοπούλου, Λυκουρέζου, Μπουλούβα καὶ Κερμαλῆ γενομένη κατόπιν διὰ τῶν ἐκλογικῶν τῆς περιφερείας ταύτης.

ΕΚΛΟΓΙΚΗ ΟΜΙΛΙΑ ΕΝ ΚΕΡΚΥΡΑ
ΙΔΙΑΙΤΕΡΟΝ ΤΗΛΕΓΡΑΦΗΜΑ

ΚΕΡΚΥΡΑ, 22 Νοεμβρίου.

Κατὰ τὴν σημερινὴν συγκέντρωσιν τῶν ὁπαδῶν τοῦ κ. Βενιζέλου συνελθόντων εἰς τὴν πλατεῖαν τοῦ κ. Ἀσκάσου ἐγένετο ὑποδοχὴ τοῦ πλήθους συνελθόντος.
